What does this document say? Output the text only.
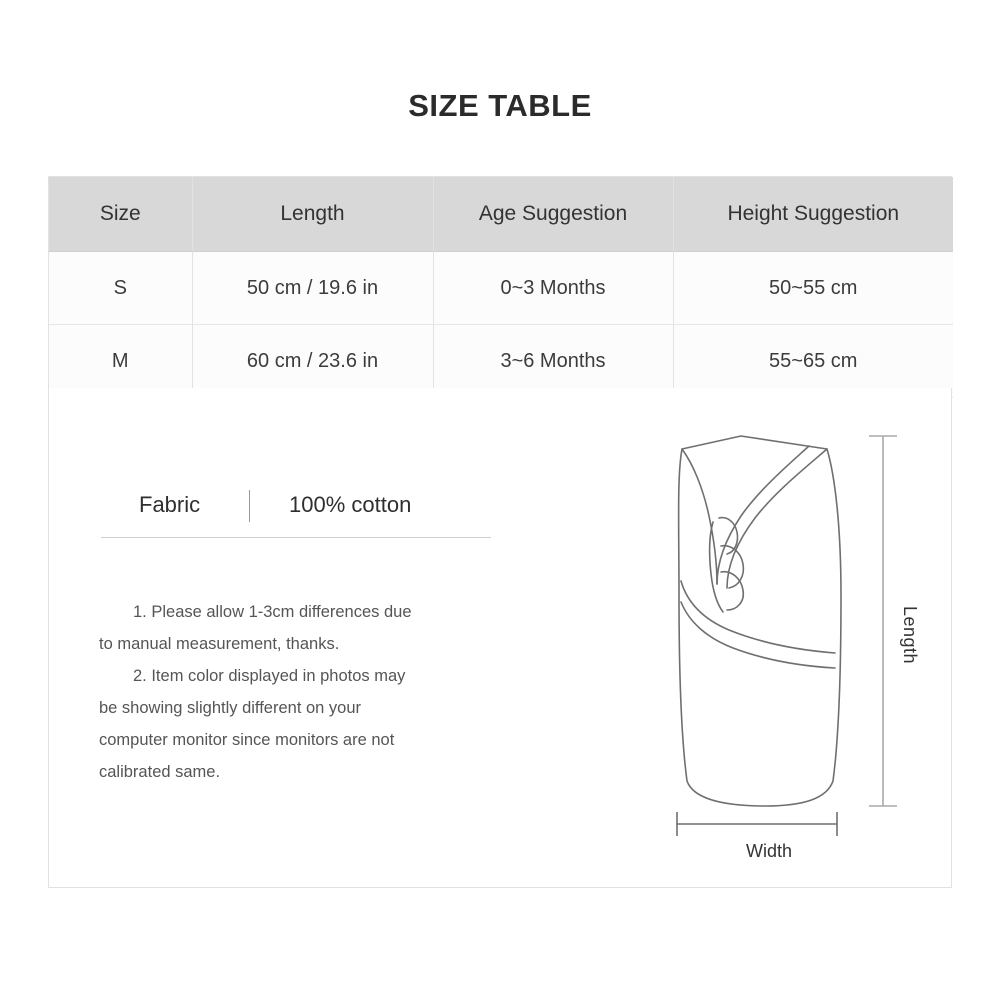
SIZE TABLE
Size	Length	Age Suggestion	Height Suggestion
S	50 cm / 19.6 in	0~3 Months	50~55 cm
M	60 cm / 23.6 in	3~6 Months	55~65 cm
Fabric	100% cotton

1. Please allow 1-3cm differences due

to manual measurement, thanks.

2. Item color displayed in photos may

be showing slightly different on your

computer monitor since monitors are not

calibrated same.

Length
Width
